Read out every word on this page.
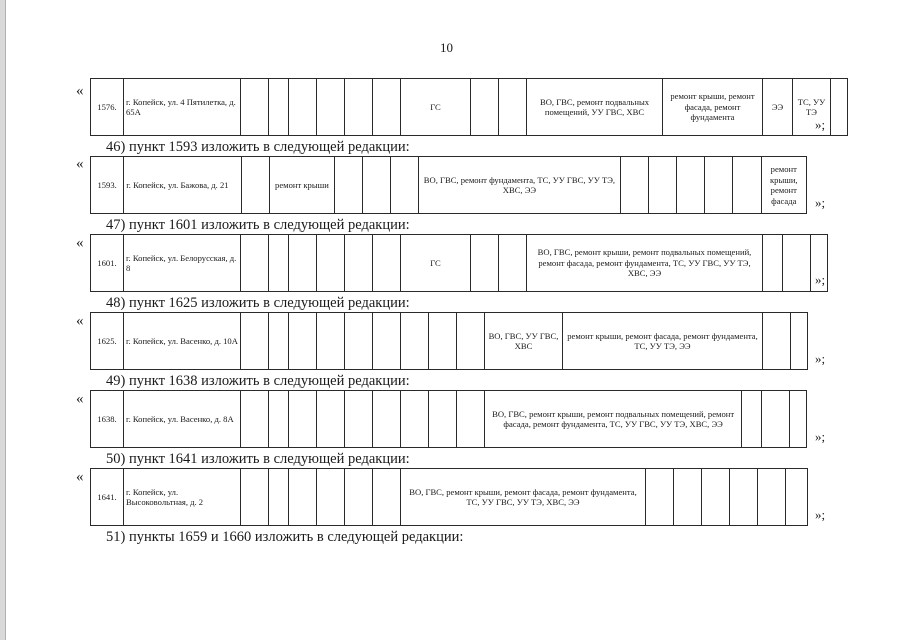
10
«
1576.	г. Копейск, ул. 4 Пятилетка, д. 65А							ГС			ВО, ГВС, ремонт подвальных помещений, УУ ГВС, ХВС	ремонт крыши, ремонт фасада, ремонт фундамента	ЭЭ	ТС, УУ ТЭ	
»;
46) пункт 1593 изложить в следующей редакции:
«
1593.	г. Копейск, ул. Бажова, д. 21		ремонт крыши				ВО, ГВС, ремонт фундамента, ТС, УУ ГВС, УУ ТЭ, ХВС, ЭЭ						ремонт крыши, ремонт фасада »;
47) пункт 1601 изложить в следующей редакции:
«
1601.	г. Копейск, ул. Белорусская, д. 8							ГС			ВО, ГВС, ремонт крыши, ремонт подвальных помещений, ремонт фасада, ремонт фундамента, ТС, УУ ГВС, УУ ТЭ, ХВС, ЭЭ				»;
48) пункт 1625 изложить в следующей редакции:
«
1625.	г. Копейск, ул. Васенко, д. 10А										ВО, ГВС, УУ ГВС, ХВС	ремонт крыши, ремонт фасада, ремонт фундамента, ТС, УУ ТЭ, ЭЭ		
»;
49) пункт 1638 изложить в следующей редакции:
«
1638.	г. Копейск, ул. Васенко, д. 8А										ВО, ГВС, ремонт крыши, ремонт подвальных помещений, ремонт фасада, ремонт фундамента, ТС, УУ ГВС, УУ ТЭ, ХВС, ЭЭ			
»;
50) пункт 1641 изложить в следующей редакции:
«
1641.	г. Копейск, ул. Высоковольтная, д. 2							ВО, ГВС, ремонт крыши, ремонт фасада, ремонт фундамента, ТС, УУ ГВС, УУ ТЭ, ХВС, ЭЭ						
»;
51) пункты 1659 и 1660 изложить в следующей редакции:
